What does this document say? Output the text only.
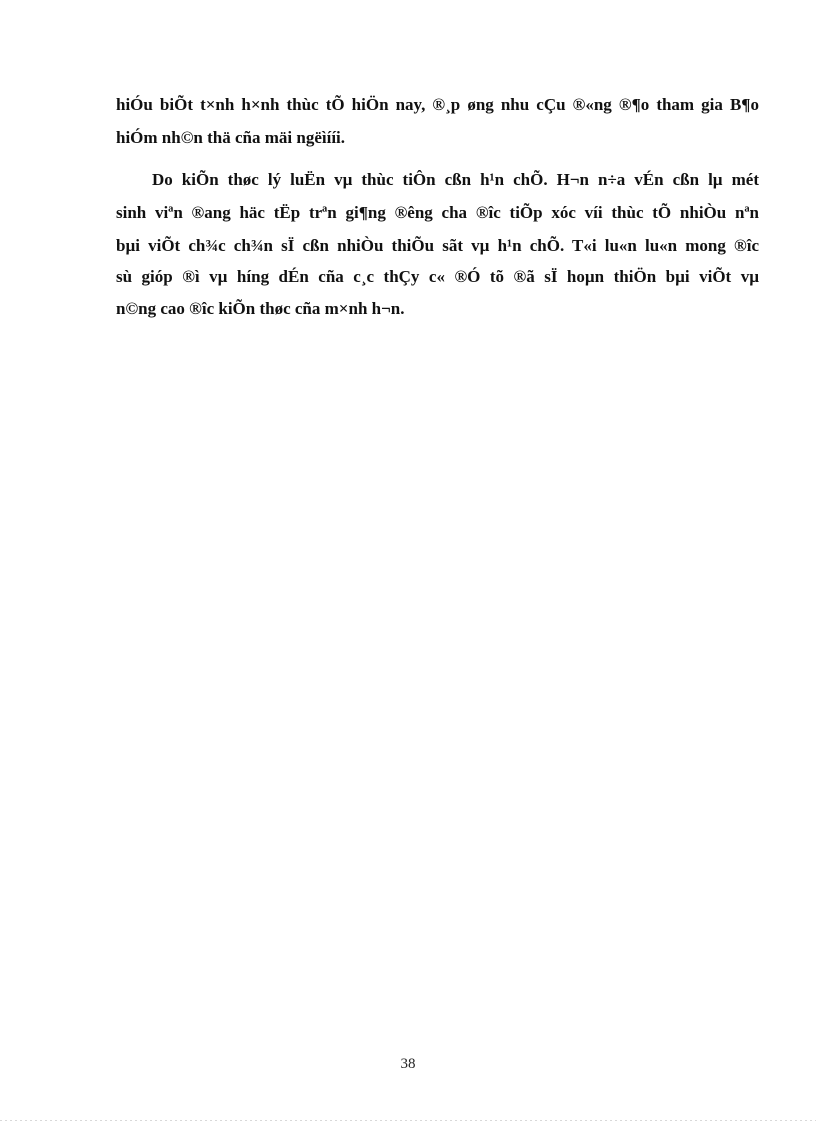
hiÓu biÕt t×nh h×nh thùc tÕ hiÖn nay, ®¸p øng nhu cÇu ®«ng ®¶o tham gia B¶o
hiÓm nh©n thä cña mäi ngëìííi.
Do kiÕn thøc lý luËn vµ thùc tiÔn cßn h¹n chÕ. H¬n n÷a vÉn cßn lµ mét
sinh viªn ®ang häc tËp trªn gi¶ng ®êng cha ®îc tiÕp xóc víi thùc tÕ nhiÒu nªn
bµi viÕt ch¾c ch¾n sÏ cßn nhiÒu thiÕu sãt vµ h¹n chÕ. T«i lu«n lu«n mong ®îc
sù gióp ®ì vµ híng dÉn cña c¸c thÇy c« ®Ó tõ ®ã sÏ hoµn thiÖn bµi viÕt vµ
n©ng cao ®îc kiÕn thøc cña m×nh h¬n.
38
